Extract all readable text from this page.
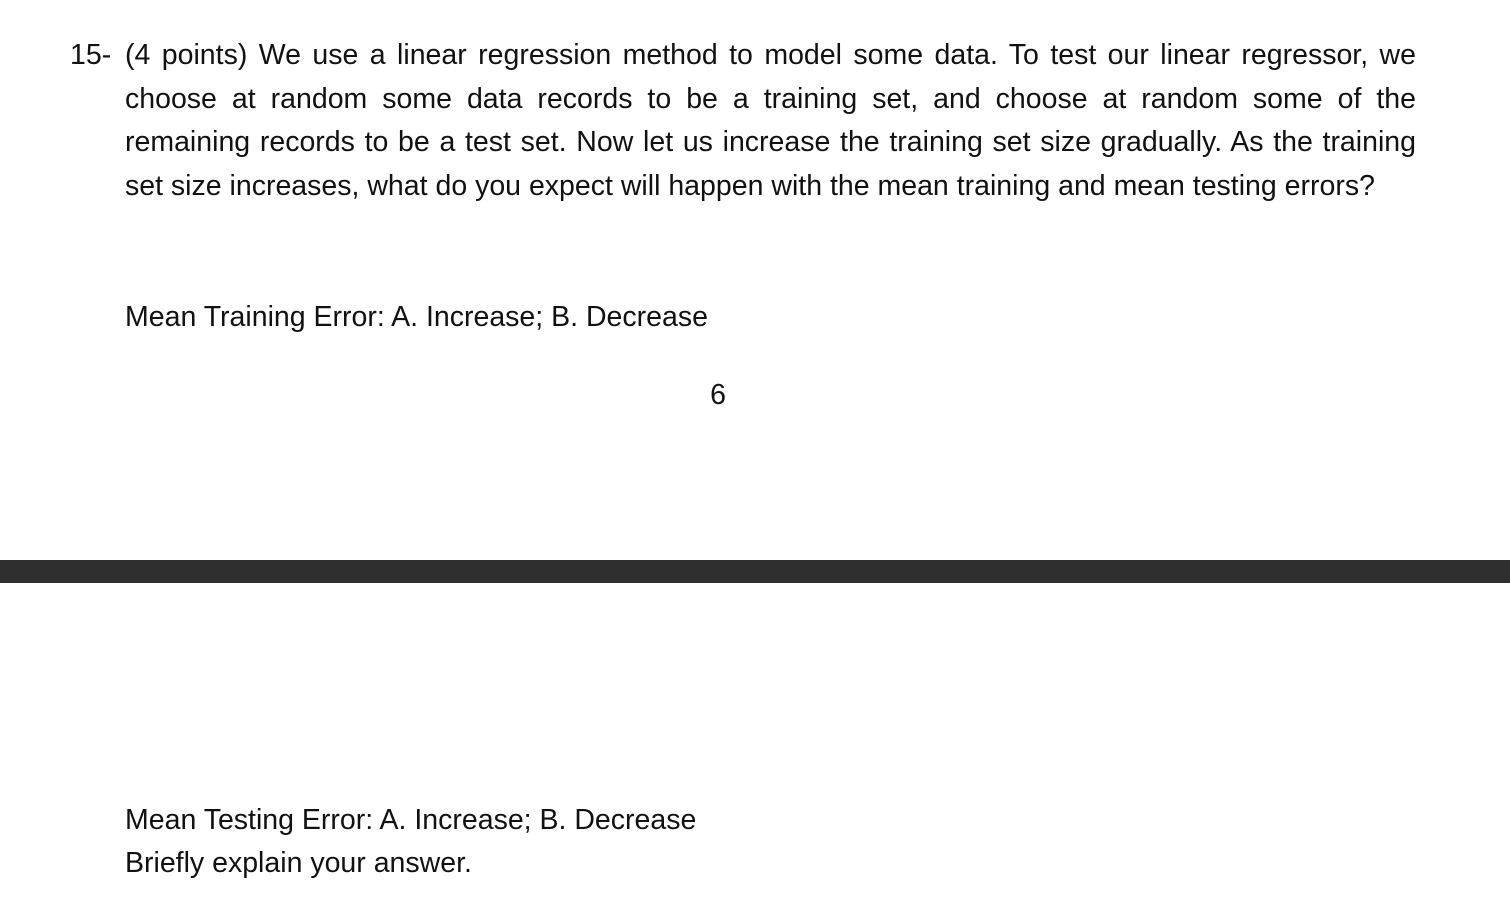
15- (4 points) We use a linear regression method to model some data. To test our linear regressor, we choose at random some data records to be a training set, and choose at random some of the remaining records to be a test set. Now let us increase the training set size gradually. As the training set size increases, what do you expect will happen with the mean training and mean testing errors?
Mean Training Error: A. Increase; B. Decrease
6
Mean Testing Error: A. Increase; B. Decrease
Briefly explain your answer.
